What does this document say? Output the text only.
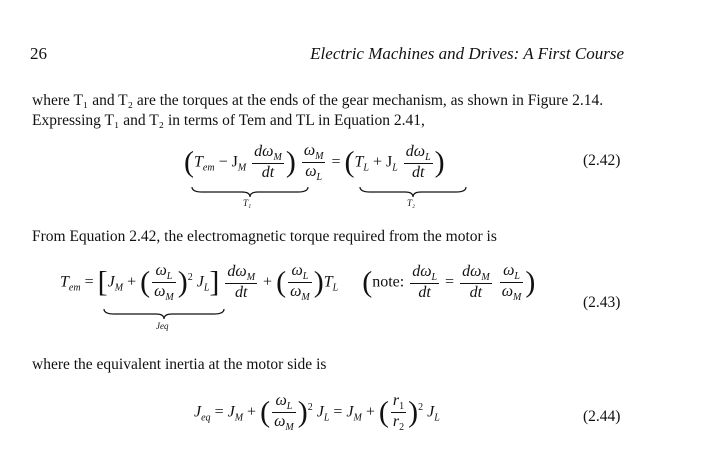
26	Electric Machines and Drives: A First Course
where T₁ and T₂ are the torques at the ends of the gear mechanism, as shown in Figure 2.14.
Expressing T₁ and T₂ in terms of Tem and TL in Equation 2.41,
($T_{em} - J_M \frac{d\omega_M}{dt}$ ) $\frac{\omega_M}{\omega_L} = (T_L + J_L \frac{d\omega_L}{dt}$ )
T₁	T₂
(2.42)
From Equation 2.42, the electromagnetic torque required from the motor is
$T_{em} = [J_M$ + ( $\frac{\omega_L}{\omega_M} )^2$ $J_L] \frac{d\omega_M}{dt}$ + ( $\frac{\omega_L}{\omega_M} )T_L$ (note: $\frac{d\omega_L}{dt} = \frac{d\omega_M}{dt}$
$\frac{\omega_L}{\omega_M}$ )
Jeq
(2.43)
where the equivalent inertia at the motor side is
$J_{eq} = J_M$ + ( $\frac{\omega_L}{\omega_M} )^2$ $J_L = J_M$ + ( $\frac{r_1}{r_2} )^2$ $J_L$	(2.44)
